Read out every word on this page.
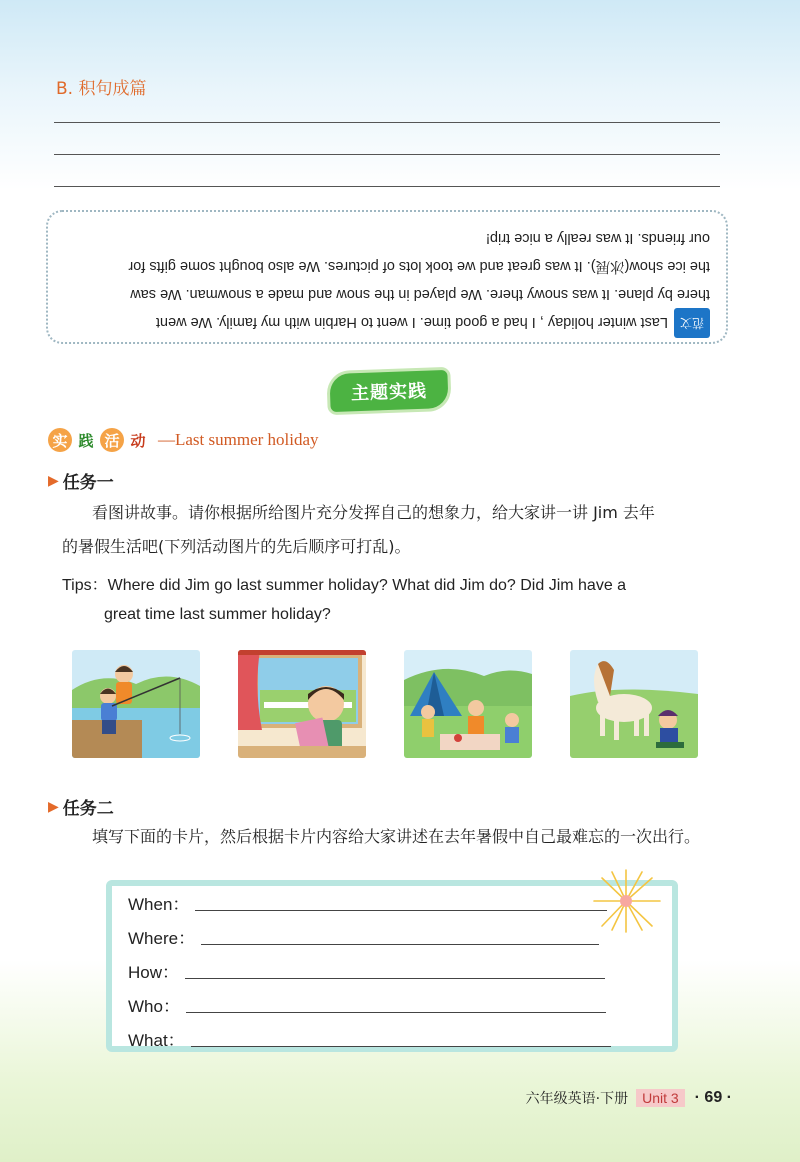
B. 积句成篇
范文Last winter holiday , I had a good time. I went to Harbin with my family. We went
there by plane. It was snowy there. We played in the snow and made a snowman. We saw
the ice show(冰展). It was great and we took lots of pictures. We also bought some gifts for
our friends. It was really a nice trip!
主题实践
实 践 活 动 —Last summer holiday
▶ 任务一
看图讲故事。请你根据所给图片充分发挥自己的想象力，给大家讲一讲 Jim 去年
的暑假生活吧(下列活动图片的先后顺序可打乱)。
Tips：Where did Jim go last summer holiday? What did Jim do? Did Jim have a
great time last summer holiday?
▶ 任务二
填写下面的卡片，然后根据卡片内容给大家讲述在去年暑假中自己最难忘的一次出行。
When：
Where：
How：
Who：
What：
六年级英语·下册	Unit 3	· 69 ·
